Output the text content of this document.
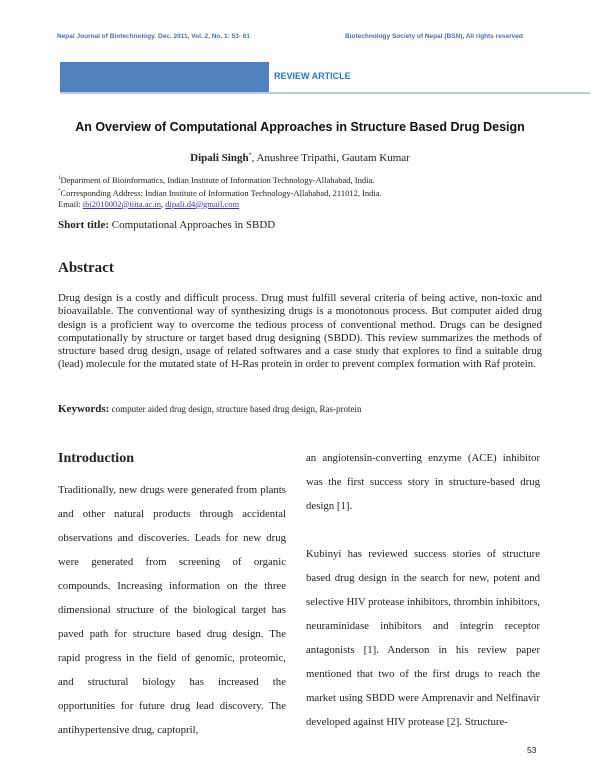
Nepal Journal of Biotechnology. Dec. 2011, Vol. 2, No. 1: 53- 61	Biotechnology Society of Nepal (BSN), All rights reserved
REVIEW ARTICLE
An Overview of Computational Approaches in Structure Based Drug Design
Dipali Singh*, Anushree Tripathi, Gautam Kumar
$^1$Department of Bioinformatics, Indian Institute of Information Technology-Allahabad, India.
*Corresponding Address: Indian Institute of Information Technology-Allahabad, 211012, India.
Email: ibi2010002@iiita.ac.in, dipali.d4@gmail.com
Short title: Computational Approaches in SBDD
Abstract
Drug design is a costly and difficult process. Drug must fulfill several criteria of being active, non-toxic and bioavailable. The conventional way of synthesizing drugs is a monotonous process. But computer aided drug design is a proficient way to overcome the tedious process of conventional method. Drugs can be designed computationally by structure or target based drug designing (SBDD). This review summarizes the methods of structure based drug design, usage of related softwares and a case study that explores to find a suitable drug (lead) molecule for the mutated state of H-Ras protein in order to prevent complex formation with Raf protein.
Keywords: computer aided drug design, structure based drug design, Ras-protein
Introduction

Traditionally, new drugs were generated from plants and other natural products through accidental observations and discoveries. Leads for new drug were generated from screening of organic compounds. Increasing information on the three dimensional structure of the biological target has paved path for structure based drug design. The rapid progress in the field of genomic, proteomic, and structural biology has increased the opportunities for future drug lead discovery. The antihypertensive drug, captopril,

an angiotensin-converting enzyme (ACE) inhibitor was the first success story in structure-based drug design [1].

Kubinyi has reviewed success stories of structure based drug design in the search for new, potent and selective HIV protease inhibitors, thrombin inhibitors, neuraminidase inhibitors and integrin receptor antagonists [1]. Anderson in his review paper mentioned that two of the first drugs to reach the market using SBDD were Amprenavir and Nelfinavir developed against HIV protease [2]. Structure-

53
